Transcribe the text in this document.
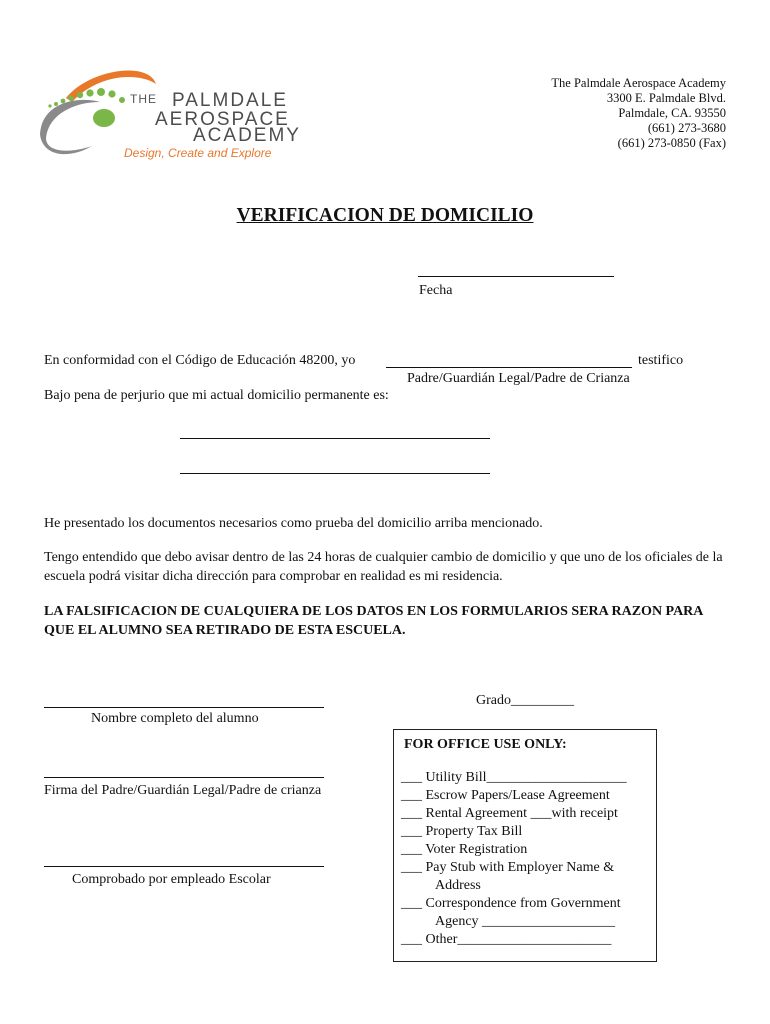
THE PALMDALE
AEROSPACE
ACADEMY
Design, Create and Explore
The Palmdale Aerospace Academy
3300 E. Palmdale Blvd.
Palmdale, CA. 93550
(661) 273-3680
(661) 273-0850 (Fax)
VERIFICACION DE DOMICILIO
Fecha
En conformidad con el Código de Educación 48200, yo	testifico
Padre/Guardián Legal/Padre de Crianza
Bajo pena de perjurio que mi actual domicilio permanente es:
He presentado los documentos necesarios como prueba del domicilio arriba mencionado.
Tengo entendido que debo avisar dentro de las 24 horas de cualquier cambio de domicilio y que uno de los oficiales de la escuela podrá visitar dicha dirección para comprobar en realidad es mi residencia.
LA FALSIFICACION DE CUALQUIERA DE LOS DATOS EN LOS FORMULARIOS SERA RAZON PARA QUE EL ALUMNO SEA RETIRADO DE ESTA ESCUELA.
Grado_________
Nombre completo del alumno
Firma del Padre/Guardián Legal/Padre de crianza
Comprobado por empleado Escolar
FOR OFFICE USE ONLY:
___ Utility Bill____________________
___ Escrow Papers/Lease Agreement
___ Rental Agreement ___with receipt
___ Property Tax Bill
___ Voter Registration
___ Pay Stub with Employer Name &
Address
___ Correspondence from Government
Agency ___________________
___ Other______________________
